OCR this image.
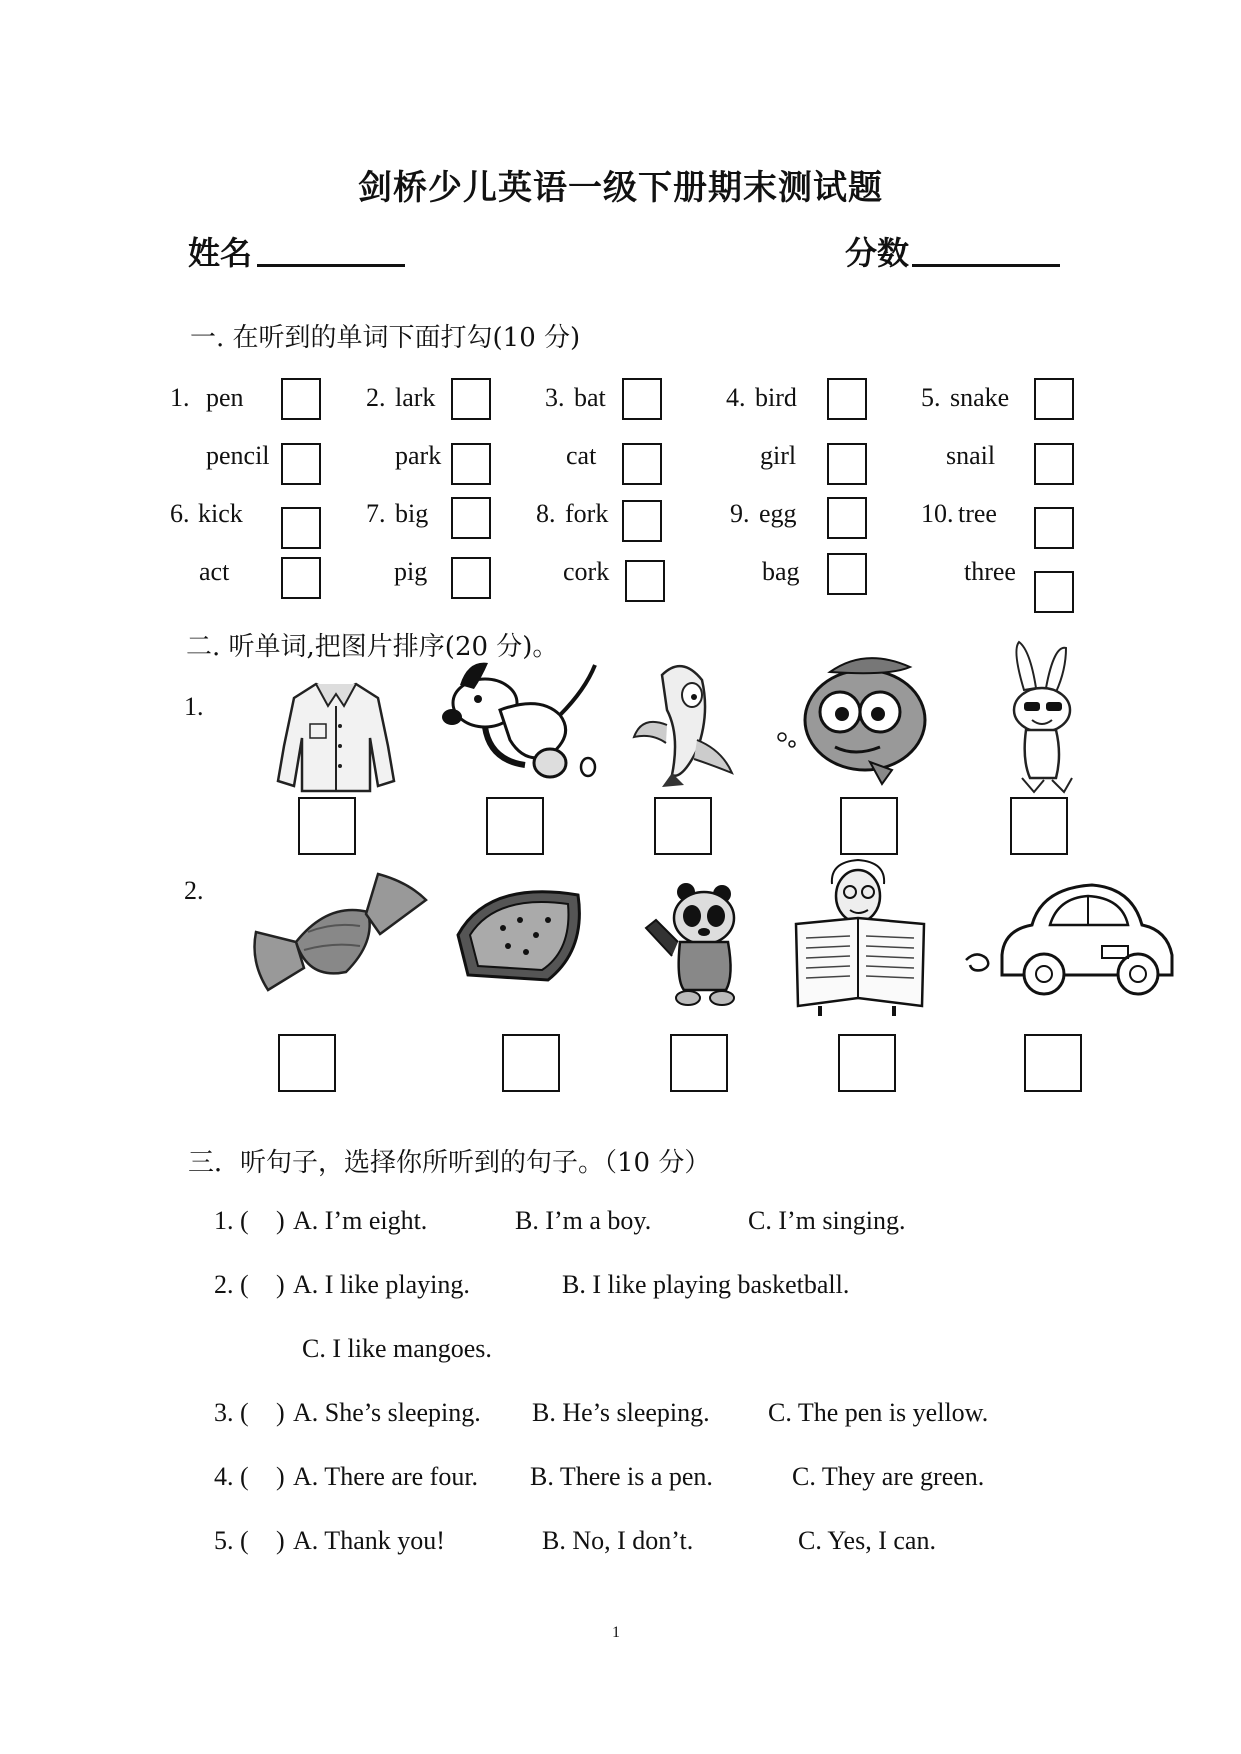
剑桥少儿英语一级下册期末测试题
姓名	分数
一. 在听到的单词下面打勾(10 分)
1. pen	2. lark	3. bat	4. bird	5. snake
pencil	park	cat	girl	snail
6. kick	7. big	8. fork	9. egg	10. tree
act	pig	cork	bag	three
二. 听单词,把图片排序(20 分)。
1.
2.
三．听句子，选择你所听到的句子。（10 分）
1. ( ) A. I’m eight.	B. I’m a boy.	C. I’m singing.
2. ( ) A. I like playing.	B. I like playing basketball.
C. I like mangoes.
3. ( ) A. She’s sleeping. B. He’s sleeping. C. The pen is yellow.
4. ( ) A. There are four. B. There is a pen.	C. They are green.
5. ( ) A. Thank you!	B. No, I don’t.	C. Yes, I can.
1
